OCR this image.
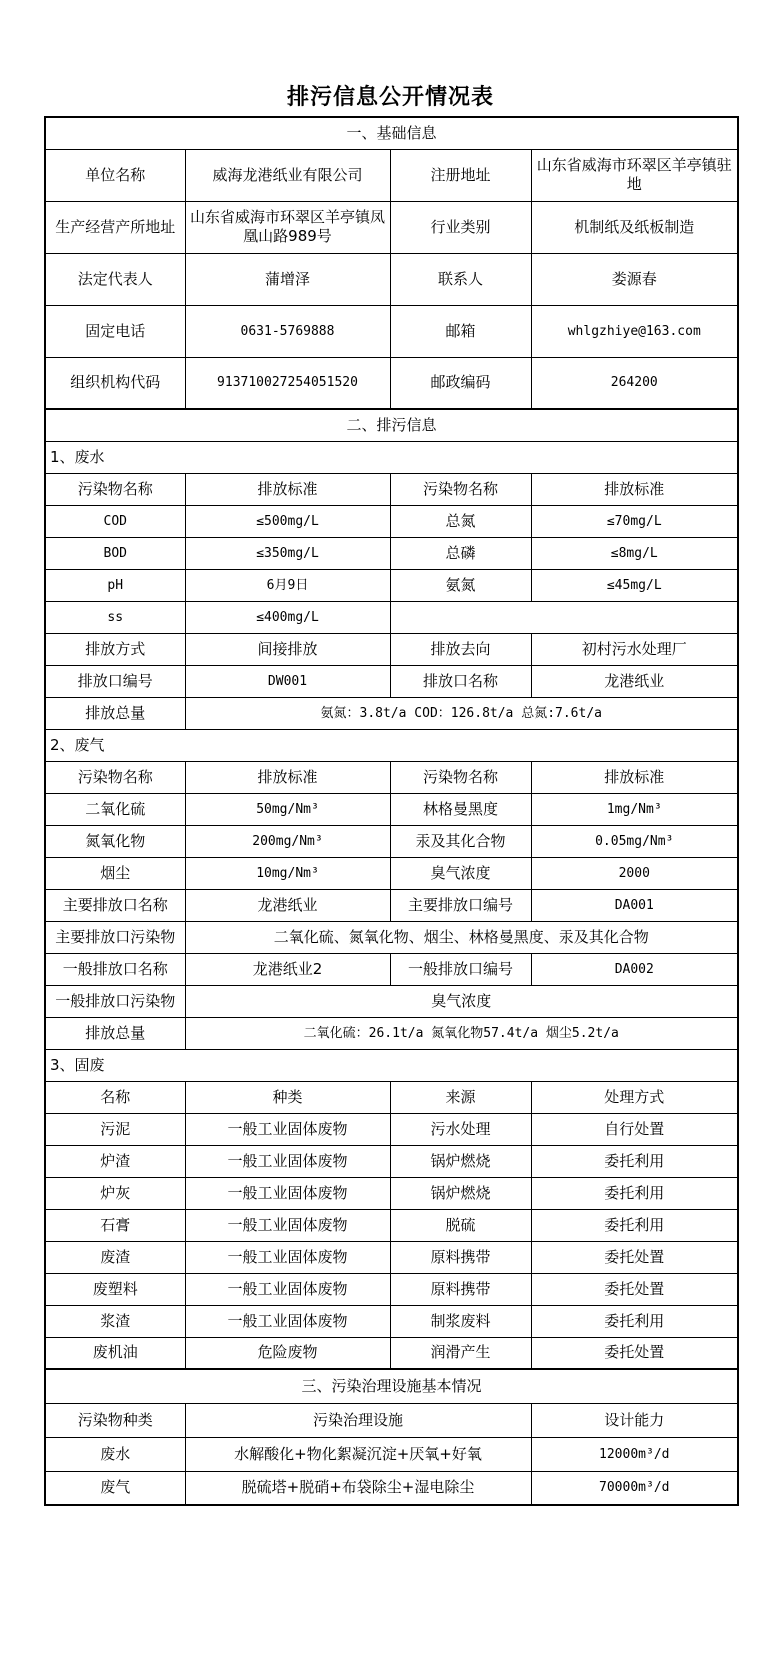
排污信息公开情况表
一、基础信息			
单位名称	威海龙港纸业有限公司	注册地址	山东省威海市环翠区羊亭镇驻地
生产经营产所地址	山东省威海市环翠区羊亭镇凤凰山路989号	行业类别	机制纸及纸板制造
法定代表人	蒲增泽	联系人	娄源春
固定电话	0631-5769888	邮箱	whlgzhiye@163.com
组织机构代码	913710027254051520	邮政编码	264200
二、排污信息			
1、废水			
污染物名称	排放标准	污染物名称	排放标准
COD	≤500mg/L	总氮	≤70mg/L
BOD	≤350mg/L	总磷	≤8mg/L
pH	6月9日	氨氮	≤45mg/L
ss	≤400mg/L		
排放方式	间接排放	排放去向	初村污水处理厂
排放口编号	DW001	排放口名称	龙港纸业
排放总量	氨氮：3.8t/a COD：126.8t/a 总氮:7.6t/a		
2、废气			
污染物名称	排放标准	污染物名称	排放标准
二氧化硫	50mg/Nm³	林格曼黑度	1mg/Nm³
氮氧化物	200mg/Nm³	汞及其化合物	0.05mg/Nm³
烟尘	10mg/Nm³	臭气浓度	2000
主要排放口名称	龙港纸业	主要排放口编号	DA001
主要排放口污染物	二氧化硫、氮氧化物、烟尘、林格曼黑度、汞及其化合物		
一般排放口名称	龙港纸业2	一般排放口编号	DA002
一般排放口污染物	臭气浓度		
排放总量	二氧化硫：26.1t/a 氮氧化物57.4t/a 烟尘5.2t/a		
3、固废			
名称	种类	来源	处理方式
污泥	一般工业固体废物	污水处理	自行处置
炉渣	一般工业固体废物	锅炉燃烧	委托利用
炉灰	一般工业固体废物	锅炉燃烧	委托利用
石膏	一般工业固体废物	脱硫	委托利用
废渣	一般工业固体废物	原料携带	委托处置
废塑料	一般工业固体废物	原料携带	委托处置
浆渣	一般工业固体废物	制浆废料	委托利用
废机油	危险废物	润滑产生	委托处置
三、污染治理设施基本情况			
污染物种类	污染治理设施		设计能力
废水	水解酸化+物化絮凝沉淀+厌氧+好氧		12000m³/d
废气	脱硫塔+脱硝+布袋除尘+湿电除尘		70000m³/d
